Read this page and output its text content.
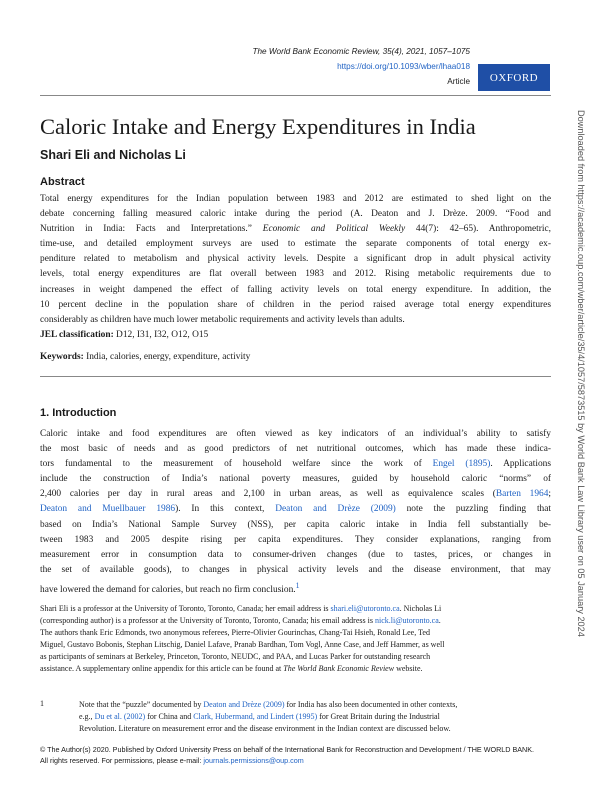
The World Bank Economic Review, 35(4), 2021, 1057–1075
https://doi.org/10.1093/wber/lhaa018
Article	OXFORD
Caloric Intake and Energy Expenditures in India
Shari Eli and Nicholas Li
Abstract
Total energy expenditures for the Indian population between 1983 and 2012 are estimated to shed light on the
debate concerning falling measured caloric intake during the period (A. Deaton and J. Drèze. 2009. “Food and
Nutrition in India: Facts and Interpretations.” Economic and Political Weekly 44(7): 42–65). Anthropometric,
time-use, and detailed employment surveys are used to estimate the separate components of total energy ex-
penditure related to metabolism and physical activity levels. Despite a significant drop in adult physical activity
levels, total energy expenditures are flat overall between 1983 and 2012. Rising metabolic requirements due to
increases in weight dampened the effect of falling activity levels on total energy expenditure. In addition, the
10 percent decline in the population share of children in the period raised average total energy expenditures
considerably as children have much lower metabolic requirements and activity levels than adults.
JEL classification: D12, I31, I32, O12, O15
Keywords: India, calories, energy, expenditure, activity
1. Introduction
Caloric intake and food expenditures are often viewed as key indicators of an individual’s ability to satisfy
the most basic of needs and as good predictors of net nutritional outcomes, which has made these indica-
tors fundamental to the measurement of household welfare since the work of Engel (1895). Applications
include the construction of India’s national poverty measures, guided by household caloric “norms” of
2,400 calories per day in rural areas and 2,100 in urban areas, as well as equivalence scales (Barten 1964;
Deaton and Muellbauer 1986). In this context, Deaton and Drèze (2009) note the puzzling finding that
based on India’s National Sample Survey (NSS), per capita caloric intake in India fell substantially be-
tween 1983 and 2005 despite rising per capita expenditures. They consider explanations, ranging from
measurement error in consumption data to consumer-driven changes (due to tastes, prices, or changes in
the set of available goods), to changes in physical activity levels and the disease environment, that may
have lowered the demand for calories, but reach no firm conclusion.$^1$
Shari Eli is a professor at the University of Toronto, Toronto, Canada; her email address is shari.eli@utoronto.ca. Nicholas Li
(corresponding author) is a professor at the University of Toronto, Toronto, Canada; his email address is nick.li@utoronto.ca.
The authors thank Eric Edmonds, two anonymous referees, Pierre-Olivier Gourinchas, Chang-Tai Hsieh, Ronald Lee, Ted
Miguel, Gustavo Bobonis, Stephan Litschig, Daniel Lafave, Pranab Bardhan, Tom Vogl, Anne Case, and Jeff Hammer, as well
as participants of seminars at Berkeley, Princeton, Toronto, NEUDC, and PAA, and Lucas Parker for outstanding research
assistance. A supplementary online appendix for this article can be found at The World Bank Economic Review website.
1	Note that the “puzzle” documented by Deaton and Drèze (2009) for India has also been documented in other contexts,
e.g., Du et al. (2002) for China and Clark, Hubermand, and Lindert (1995) for Great Britain during the Industrial
Revolution. Literature on measurement error and the disease environment in the Indian context are discussed below.
© The Author(s) 2020. Published by Oxford University Press on behalf of the International Bank for Reconstruction and Development / THE WORLD BANK.
All rights reserved. For permissions, please e-mail: journals.permissions@oup.com
Downloaded from https://academic.oup.com/wber/article/35/4/1057/5873515 by World Bank Law Library user on 05 January 2024
